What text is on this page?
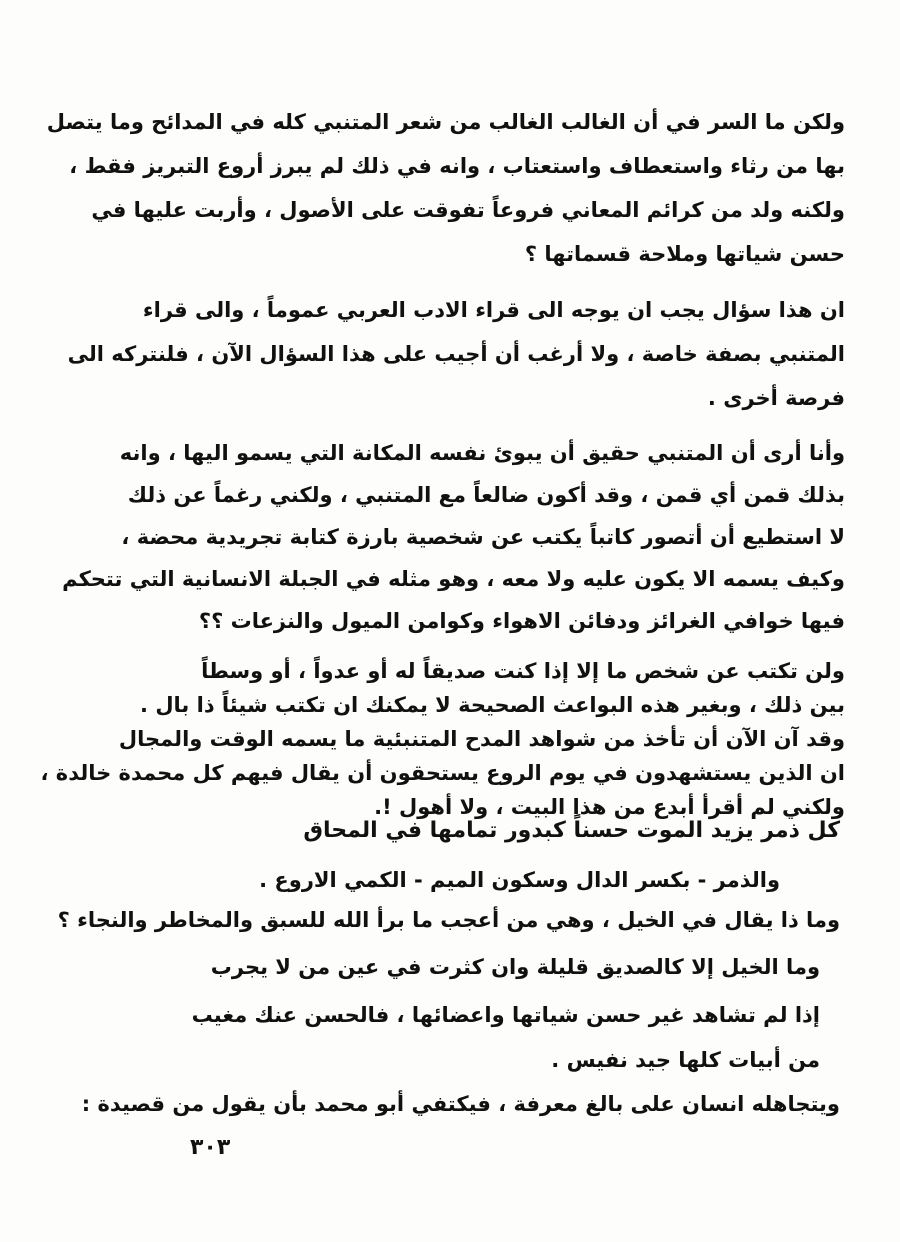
ولكن ما السر في أن الغالب الغالب من شعر المتنبي كله في المدائح وما يتصل

بها من رثاء واستعطاف واستعتاب ، وانه في ذلك لم يبرز أروع التبريز فقط ،

ولكنه ولد من كرائم المعاني فروعاً تفوقت على الأصول ، وأربت عليها في

حسن شياتها وملاحة قسماتها ؟

ان هذا سؤال يجب ان يوجه الى قراء الادب العربي عموماً ، والى قراء

المتنبي بصفة خاصة ، ولا أرغب أن أجيب على هذا السؤال الآن ، فلنتركه الى

فرصة أخرى .

وأنا أرى أن المتنبي حقيق أن يبوئ نفسه المكانة التي يسمو اليها ، وانه

بذلك قمن أي قمن ، وقد أكون ضالعاً مع المتنبي ، ولكني رغماً عن ذلك

لا استطيع أن أتصور كاتباً يكتب عن شخصية بارزة كتابة تجريدية محضة ،

وكيف يسمه الا يكون عليه ولا معه ، وهو مثله في الجبلة الانسانية التي تتحكم

فيها خوافي الغرائز ودفائن الاهواء وكوامن الميول والنزعات ؟؟

ولن تكتب عن شخص ما إلا إذا كنت صديقاً له أو عدواً ، أو وسطاً

بين ذلك ، وبغير هذه البواعث الصحيحة لا يمكنك ان تكتب شيئاً ذا بال .

وقد آن الآن أن تأخذ من شواهد المدح المتنبئية ما يسمه الوقت والمجال

ان الذين يستشهدون في يوم الروع يستحقون أن يقال فيهم كل محمدة خالدة ،

ولكني لم أقرأ أبدع من هذا البيت ، ولا أهول !.

كل ذمر يزيد الموت حسناً كبدور تمامها في المحاق
والذمر - بكسر الدال وسكون الميم - الكمي الاروع .
وما ذا يقال في الخيل ، وهي من أعجب ما برأ الله للسبق والمخاطر والنجاء ؟
وما الخيل إلا كالصديق قليلة وان كثرت في عين من لا يجرب
إذا لم تشاهد غير حسن شياتها واعضائها ، فالحسن عنك مغيب
من أبيات كلها جيد نفيس .
ويتجاهله انسان على بالغ معرفة ، فيكتفي أبو محمد بأن يقول من قصيدة :
٣٠٣
